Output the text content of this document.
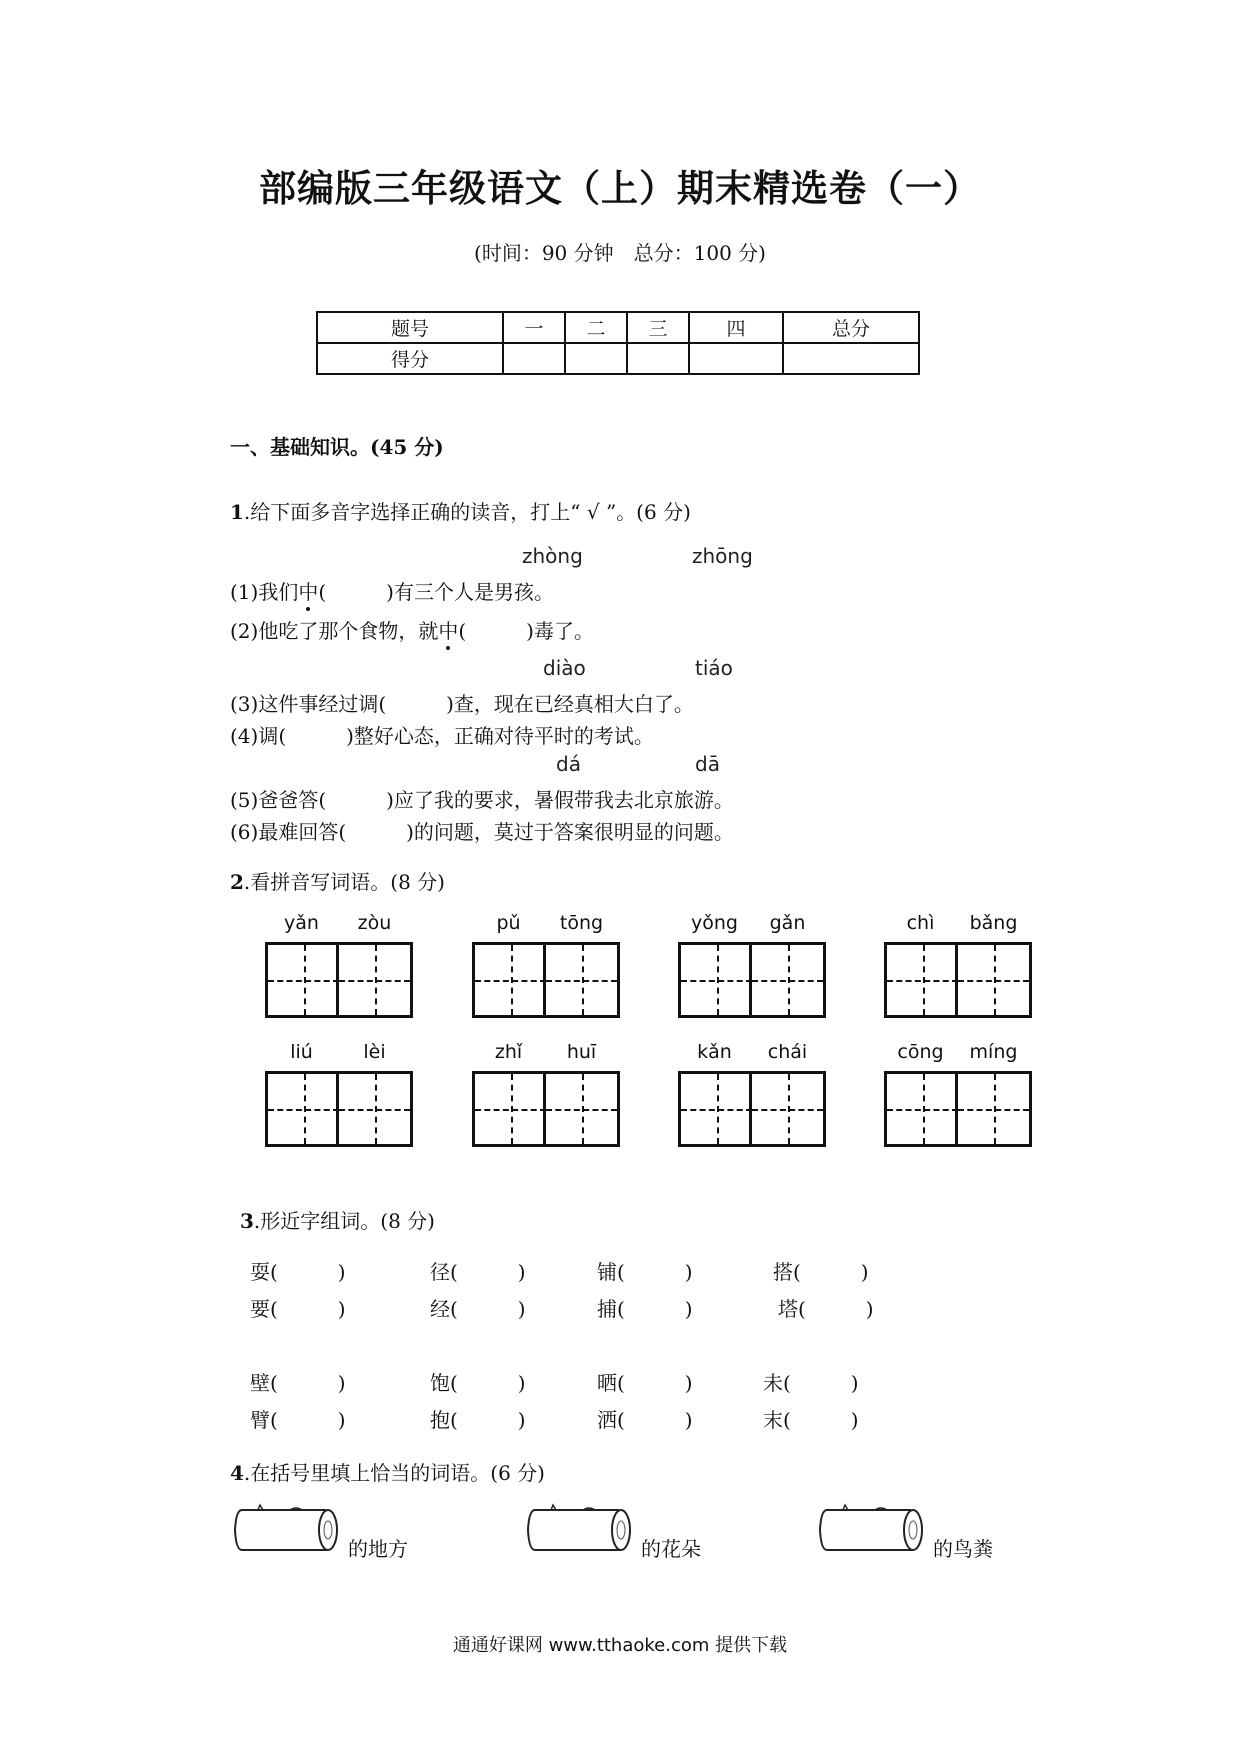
部编版三年级语文（上）期末精选卷（一）
(时间：90 分钟　总分：100 分)
题号	一	二	三	四	总分
得分					
一、基础知识。(45 分)
1.给下面多音字选择正确的读音，打上“ √ ”。(6 分)
zhòng	zhōng
(1)我们中(　　　)有三个人是男孩。
(2)他吃了那个食物，就中(　　　)毒了。
diào	tiáo
(3)这件事经过调(　　　)查，现在已经真相大白了。
(4)调(　　　)整好心态，正确对待平时的考试。
dá	dā
(5)爸爸答(　　　)应了我的要求，暑假带我去北京旅游。
(6)最难回答(　　　)的问题，莫过于答案很明显的问题。
2.看拼音写词语。(8 分)
yǎn	zòu	pǔ	tōng	yǒng	gǎn	chì	bǎng
liú	lèi	zhǐ	huī	kǎn	chái	cōng	míng
3.形近字组词。(8 分)
耍(　　　)	径(　　　)	铺(　　　)	搭(　　　)
要(　　　)	经(　　　)	捕(　　　)	塔(　　　)
壁(　　　)	饱(　　　)	晒(　　　)	未(　　　)
臂(　　　)	抱(　　　)	洒(　　　)	末(　　　)
4.在括号里填上恰当的词语。(6 分)
的地方	的花朵	的鸟粪
通通好课网 www.tthaoke.com 提供下载
